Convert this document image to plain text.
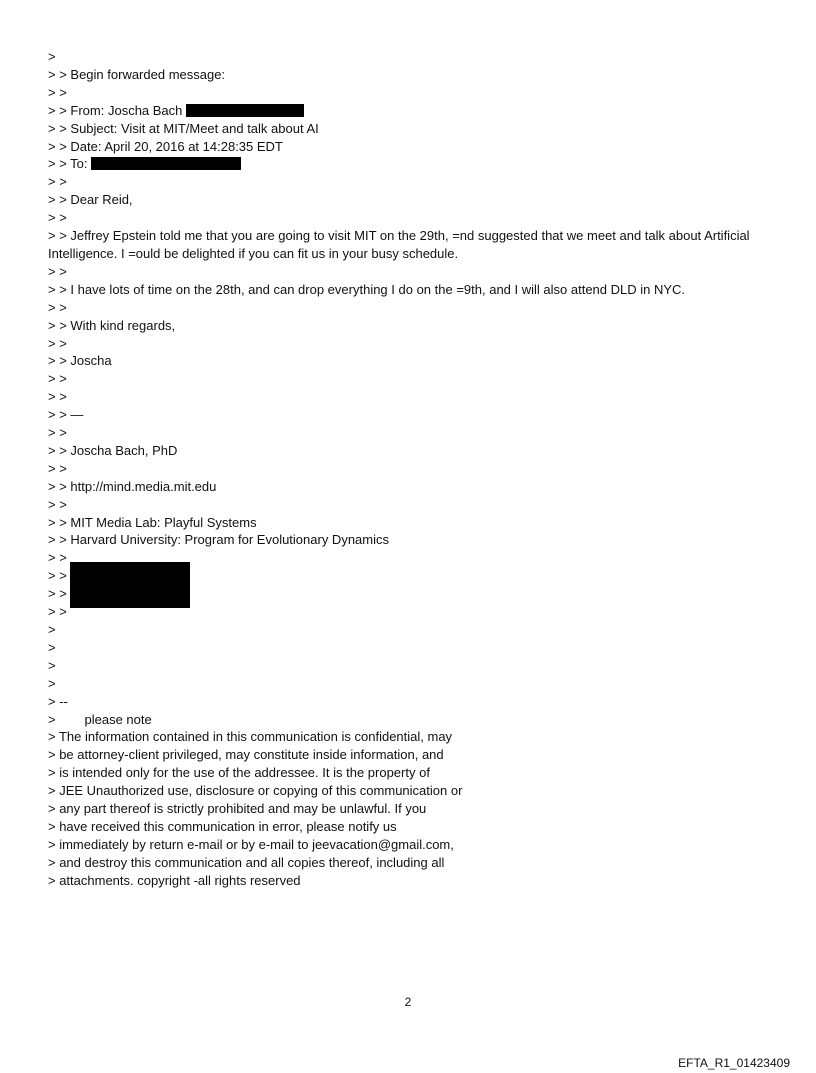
>
> > Begin forwarded message:
> >
> > From: Joscha Bach
> > Subject: Visit at MIT/Meet and talk about AI
> > Date: April 20, 2016 at 14:28:35 EDT
> > To:
> >
> > Dear Reid,
> >
> > Jeffrey Epstein told me that you are going to visit MIT on the 29th, =nd suggested that we meet and talk about Artificial Intelligence. I =ould be delighted if you can fit us in your busy schedule.
> >
> > I have lots of time on the 28th, and can drop everything I do on the =9th, and I will also attend DLD in NYC.
> >
> > With kind regards,
> >
> > Joscha
> >
> >
> > —
> >
> > Joscha Bach, PhD
> >
> > http://mind.media.mit.edu
> >
> > MIT Media Lab: Playful Systems
> > Harvard University: Program for Evolutionary Dynamics
> >
> >
> >
> >
>
>
>
>
> --
>        please note
> The information contained in this communication is confidential, may
> be attorney-client privileged, may constitute inside information, and
> is intended only for the use of the addressee. It is the property of
> JEE Unauthorized use, disclosure or copying of this communication or
> any part thereof is strictly prohibited and may be unlawful. If you
> have received this communication in error, please notify us
> immediately by return e-mail or by e-mail to jeevacation@gmail.com,
> and destroy this communication and all copies thereof, including all
> attachments. copyright -all rights reserved
2
EFTA_R1_01423409
